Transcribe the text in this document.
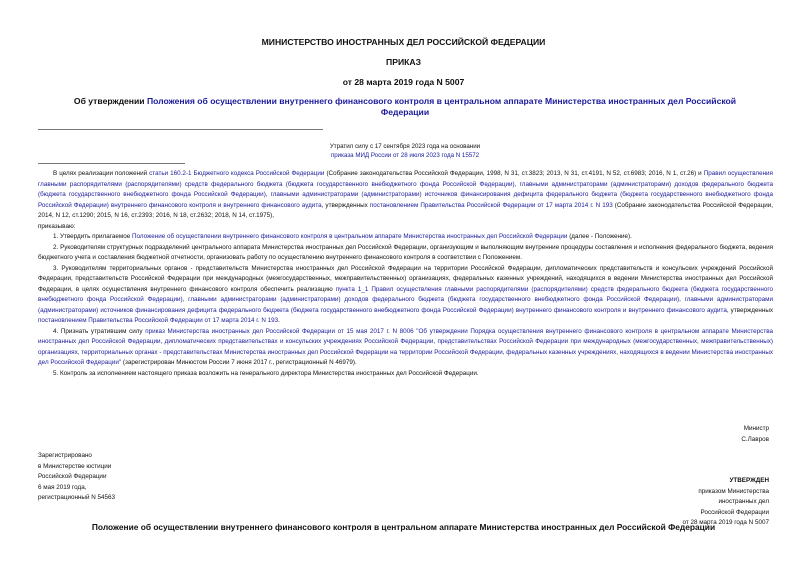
МИНИСТЕРСТВО ИНОСТРАННЫХ ДЕЛ РОССИЙСКОЙ ФЕДЕРАЦИИ
ПРИКАЗ
от 28 марта 2019 года N 5007
Об утверждении Положения об осуществлении внутреннего финансового контроля в центральном аппарате Министерства иностранных дел Российской Федерации
Утратил силу с 17 сентября 2023 года на основании
приказа МИД России от 28 июля 2023 года N 15572

В целях реализации положений статьи 160.2-1 Бюджетного кодекса Российской Федерации (Собрание законодательства Российской Федерации, 1998, N 31, ст.3823; 2013, N 31, ст.4191, N 52, ст.6983; 2016, N 1, ст.26) и Правил осуществления главными распорядителями (распорядителями) средств федерального бюджета (бюджета государственного внебюджетного фонда Российской Федерации), главными администраторами (администраторами) доходов федерального бюджета (бюджета государственного внебюджетного фонда Российской Федерации), главными администраторами (администраторами) источников финансирования дефицита федерального бюджета (бюджета государственного внебюджетного фонда Российской Федерации) внутреннего финансового контроля и внутреннего финансового аудита, утвержденных постановлением Правительства Российской Федерации от 17 марта 2014 г. N 193 (Собрание законодательства Российской Федерации, 2014, N 12, ст.1290; 2015, N 16, ст.2393; 2016, N 18, ст.2632; 2018, N 14, ст.1975),

приказываю:

1. Утвердить прилагаемое Положение об осуществлении внутреннего финансового контроля в центральном аппарате Министерства иностранных дел Российской Федерации (далее - Положение).

2. Руководителям структурных подразделений центрального аппарата Министерства иностранных дел Российской Федерации, организующим и выполняющим внутренние процедуры составления и исполнения федерального бюджета, ведения бюджетного учета и составления бюджетной отчетности, организовать работу по осуществлению внутреннего финансового контроля в соответствии с Положением.

3. Руководителям территориальных органов - представительств Министерства иностранных дел Российской Федерации на территории Российской Федерации, дипломатических представительств и консульских учреждений Российской Федерации, представительств Российской Федерации при международных (межгосударственных, межправительственных) организациях, федеральных казенных учреждений, находящихся в ведении Министерства иностранных дел Российской Федерации, в целях осуществления внутреннего финансового контроля обеспечить реализацию пункта 1_1 Правил осуществления главными распорядителями (распорядителями) средств федерального бюджета (бюджета государственного внебюджетного фонда Российской Федерации), главными администраторами (администраторами) доходов федерального бюджета (бюджета государственного внебюджетного фонда Российской Федерации), главными администраторами (администраторами) источников финансирования дефицита федерального бюджета (бюджета государственного внебюджетного фонда Российской Федерации) внутреннего финансового контроля и внутреннего финансового аудита, утвержденных постановлением Правительства Российской Федерации от 17 марта 2014 г. N 193.

4. Признать утратившим силу приказ Министерства иностранных дел Российской Федерации от 15 мая 2017 г. N 8006 "Об утверждении Порядка осуществления внутреннего финансового контроля в центральном аппарате Министерства иностранных дел Российской Федерации, дипломатических представительствах и консульских учреждениях Российской Федерации, представительствах Российской Федерации при международных (межгосударственных, межправительственных) организациях, территориальных органах - представительствах Министерства иностранных дел Российской Федерации на территории Российской Федерации, федеральных казенных учреждениях, находящихся в ведении Министерства иностранных дел Российской Федерации" (зарегистрирован Минюстом России 7 июня 2017 г., регистрационный N 46979).

5. Контроль за исполнением настоящего приказа возложить на генерального директора Министерства иностранных дел Российской Федерации.

Министр
С.Лавров
Зарегистрировано
в Министерстве юстиции
Российской Федерации
6 мая 2019 года,
регистрационный N 54563
УТВЕРЖДЕН
приказом Министерства
иностранных дел
Российской Федерации
от 28 марта 2019 года N 5007
Положение об осуществлении внутреннего финансового контроля в центральном аппарате Министерства иностранных дел Российской Федерации
